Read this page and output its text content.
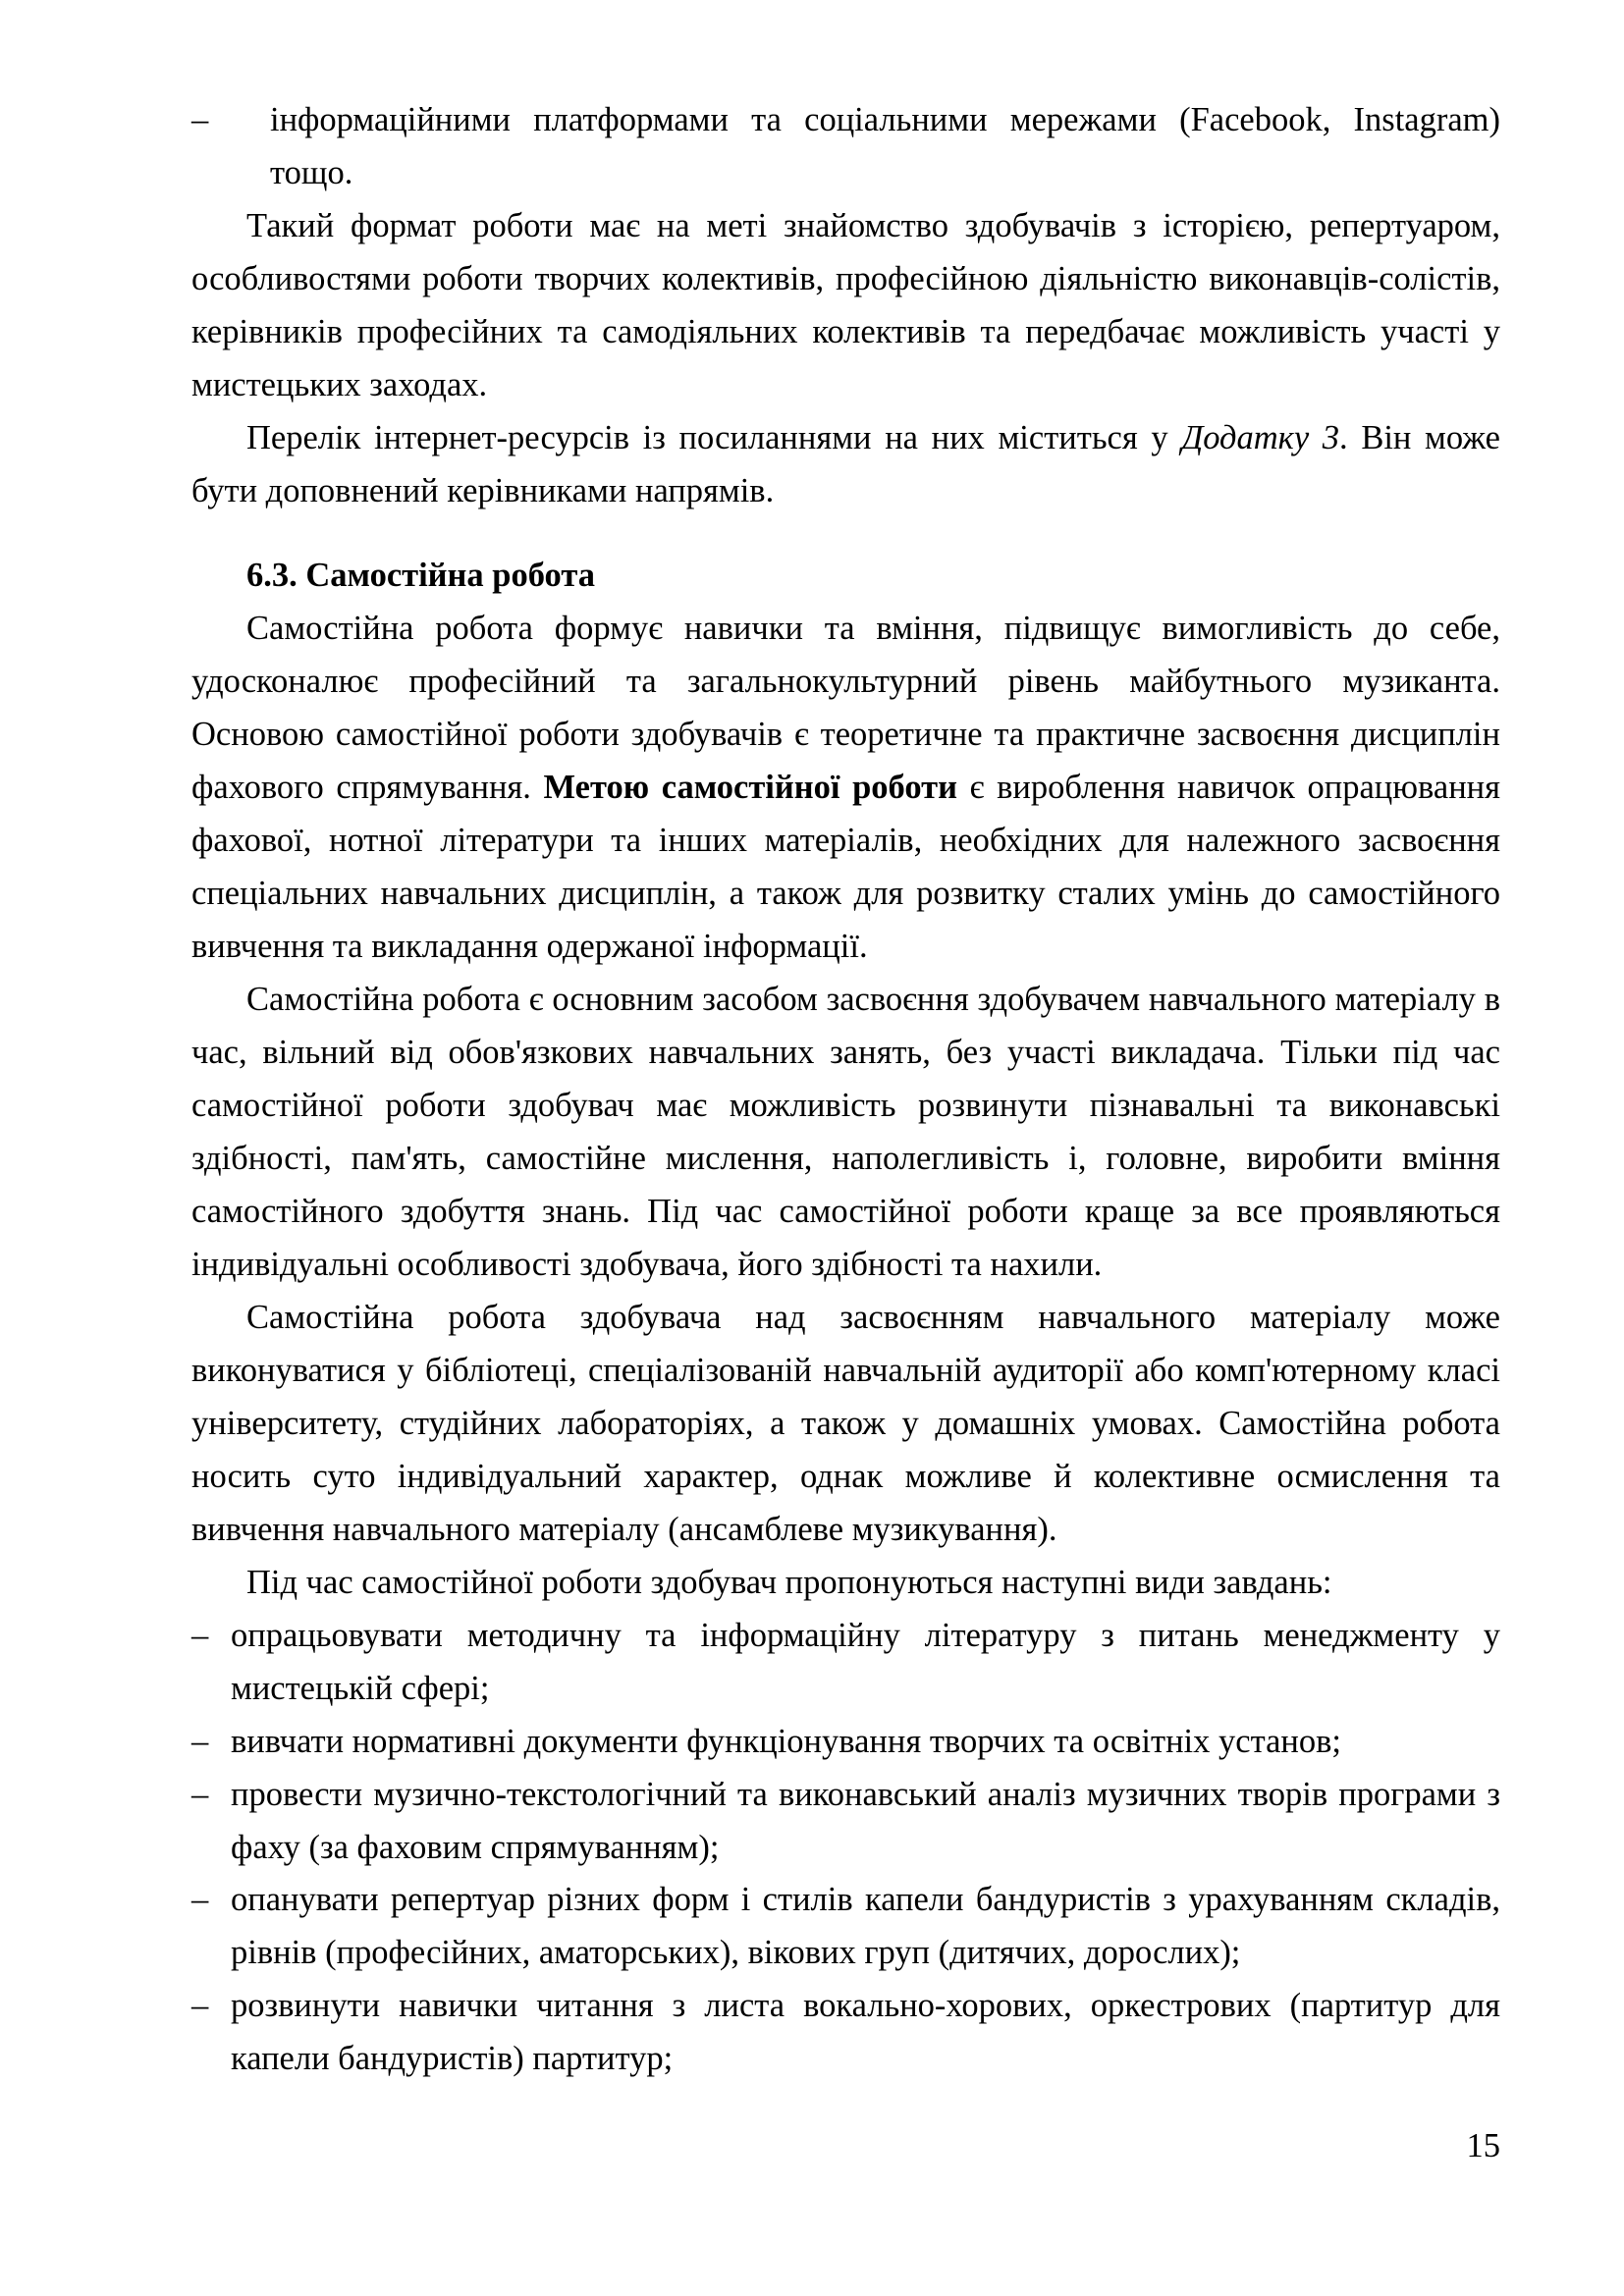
–	інформаційними платформами та соціальними мережами (Facebook, Instagram) тощо.

Такий формат роботи має на меті знайомство здобувачів з історією, репертуаром, особливостями роботи творчих колективів, професійною діяльністю виконавців-солістів, керівників професійних та самодіяльних колективів та передбачає можливість участі у мистецьких заходах.

Перелік інтернет-ресурсів із посиланнями на них міститься у Додатку 3. Він може бути доповнений керівниками напрямів.

6.3. Самостійна робота

Самостійна робота формує навички та вміння, підвищує вимогливість до себе, удосконалює професійний та загальнокультурний рівень майбутнього музиканта. Основою самостійної роботи здобувачів є теоретичне та практичне засвоєння дисциплін фахового спрямування. Метою самостійної роботи є вироблення навичок опрацювання фахової, нотної літератури та інших матеріалів, необхідних для належного засвоєння спеціальних навчальних дисциплін, а також для розвитку сталих умінь до самостійного вивчення та викладання одержаної інформації.

Самостійна робота є основним засобом засвоєння здобувачем навчального матеріалу в час, вільний від обов'язкових навчальних занять, без участі викладача. Тільки під час самостійної роботи здобувач має можливість розвинути пізнавальні та виконавські здібності, пам'ять, самостійне мислення, наполегливість і, головне, виробити вміння самостійного здобуття знань. Під час самостійної роботи краще за все проявляються індивідуальні особливості здобувача, його здібності та нахили.

Самостійна робота здобувача над засвоєнням навчального матеріалу може виконуватися у бібліотеці, спеціалізованій навчальній аудиторії або комп'ютерному класі університету, студійних лабораторіях, а також у домашніх умовах. Самостійна робота носить суто індивідуальний характер, однак можливе й колективне осмислення та вивчення навчального матеріалу (ансамблеве музикування).

Під час самостійної роботи здобувач пропонуються наступні види завдань:

– опрацьовувати методичну та інформаційну літературу з питань менеджменту у мистецькій сфері;
– вивчати нормативні документи функціонування творчих та освітніх установ;
– провести музично-текстологічний та виконавський аналіз музичних творів програми з фаху (за фаховим спрямуванням);
– опанувати репертуар різних форм і стилів капели бандуристів з урахуванням складів, рівнів (професійних, аматорських), вікових груп (дитячих, дорослих);
– розвинути навички читання з листа вокально-хорових, оркестрових (партитур для капели бандуристів) партитур;
15
